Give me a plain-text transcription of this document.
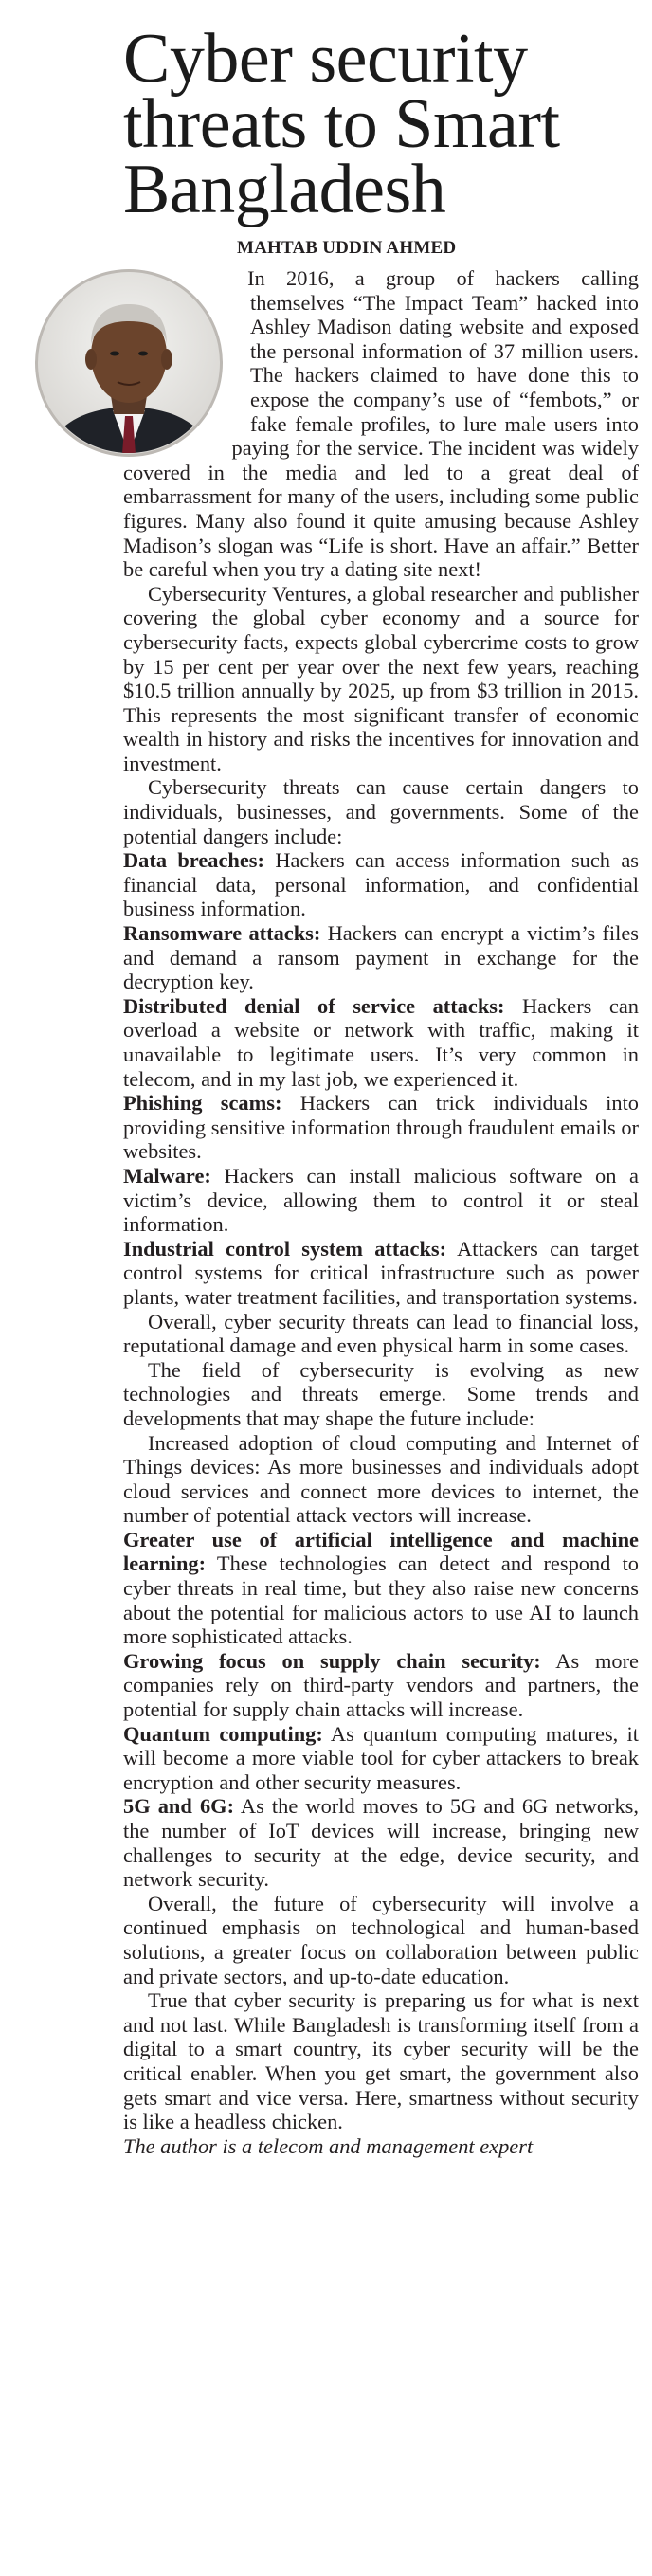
Cyber security
threats to Smart
Bangladesh
MAHTAB UDDIN AHMED

In 2016, a group of hackers calling themselves “The Impact Team” hacked into Ashley Madison dating website and exposed the personal information of 37 million users. The hackers claimed to have done this to expose the company’s use of “fembots,” or fake female profiles, to lure male users into paying for the service. The incident was widely covered in the media and led to a great deal of embarrassment for many of the users, including some public figures. Many also found it quite amusing because Ashley Madison’s slogan was “Life is short. Have an affair.” Better be careful when you try a dating site next!

Cybersecurity Ventures, a global researcher and publisher covering the global cyber economy and a source for cybersecurity facts, expects global cybercrime costs to grow by 15 per cent per year over the next few years, reaching $10.5 trillion annually by 2025, up from $3 trillion in 2015. This represents the most significant transfer of economic wealth in history and risks the incentives for innovation and investment.

Cybersecurity threats can cause certain dangers to individuals, businesses, and governments. Some of the potential dangers include:

Data breaches: Hackers can access information such as financial data, personal information, and confidential business information.

Ransomware attacks: Hackers can encrypt a victim’s files and demand a ransom payment in exchange for the decryption key.

Distributed denial of service attacks: Hackers can overload a website or network with traffic, making it unavailable to legitimate users. It’s very common in telecom, and in my last job, we experienced it.

Phishing scams: Hackers can trick individuals into providing sensitive information through fraudulent emails or websites.

Malware: Hackers can install malicious software on a victim’s device, allowing them to control it or steal information.

Industrial control system attacks: Attackers can target control systems for critical infrastructure such as power plants, water treatment facilities, and transportation systems.

Overall, cyber security threats can lead to financial loss, reputational damage and even physical harm in some cases.

The field of cybersecurity is evolving as new technologies and threats emerge. Some trends and developments that may shape the future include:

Increased adoption of cloud computing and Internet of Things devices: As more businesses and individuals adopt cloud services and connect more devices to internet, the number of potential attack vectors will increase.

Greater use of artificial intelligence and machine learning: These technologies can detect and respond to cyber threats in real time, but they also raise new concerns about the potential for malicious actors to use AI to launch more sophisticated attacks.

Growing focus on supply chain security: As more companies rely on third-party vendors and partners, the potential for supply chain attacks will increase.

Quantum computing: As quantum computing matures, it will become a more viable tool for cyber attackers to break encryption and other security measures.

5G and 6G: As the world moves to 5G and 6G networks, the number of IoT devices will increase, bringing new challenges to security at the edge, device security, and network security.

Overall, the future of cybersecurity will involve a continued emphasis on technological and human-based solutions, a greater focus on collaboration between public and private sectors, and up-to-date education.

True that cyber security is preparing us for what is next and not last. While Bangladesh is transforming itself from a digital to a smart country, its cyber security will be the critical enabler. When you get smart, the government also gets smart and vice versa. Here, smartness without security is like a headless chicken.

The author is a telecom and management expert
